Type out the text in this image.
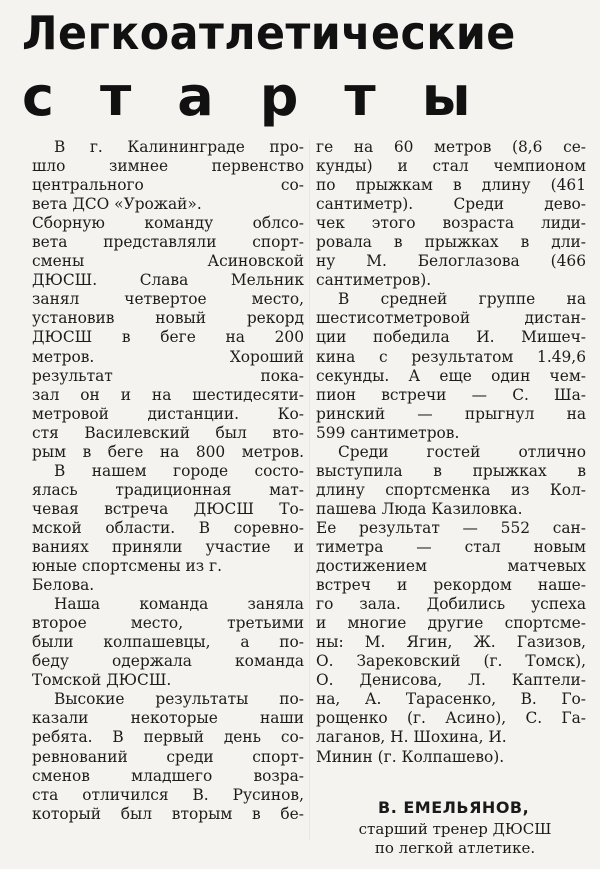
Легкоатлетические
старты
В г. Калининграде про-
шло зимнее первенство
центрального со-
вета ДСО «Урожай».
Сборную команду облсо-
вета представляли спорт-
смены Асиновской
ДЮСШ. Слава Мельник
занял четвертое место,
установив новый рекорд
ДЮСШ в беге на 200
метров. Хороший
результат пока-
зал он и на шестидесяти-
метровой дистанции. Ко-
стя Василевский был вто-
рым в беге на 800 метров.
В нашем городе состо-
ялась традиционная мат-
чевая встреча ДЮСШ То-
мской области. В соревно-
ваниях приняли участие и
юные спортсмены из г.
Белова.
Наша команда заняла
второе место, третьими
были колпашевцы, а по-
беду одержала команда
Томской ДЮСШ.
Высокие результаты по-
казали некоторые наши
ребята. В первый день со-
ревнований среди спорт-
сменов младшего возра-
ста отличился В. Русинов,
который был вторым в бе-
ге на 60 метров (8,6 се-
кунды) и стал чемпионом
по прыжкам в длину (461
сантиметр). Среди девo-
чек этого возраста лиди-
ровала в прыжках в дли-
ну М. Белоглазова (466
сантиметров).
В средней группе на
шестисотметровой дистан-
ции победила И. Мишеч-
кина с результатом 1.49,6
секунды. А еще один чем-
пион встречи — С. Ша-
ринский — прыгнул на
599 сантиметров.
Среди гостей отлично
выступила в прыжках в
длину спортсменка из Кол-
пашева Люда Казиловка.
Ее результат — 552 сан-
тиметра — стал новым
достижением матчевых
встреч и рекордом наше-
го зала. Добились успеха
и многие другие спортсме-
ны: М. Ягин, Ж. Газизов,
О. Зарековский (г. Томск),
О. Денисова, Л. Каптели-
на, А. Тарасенко, В. Го-
рощенко (г. Асино), С. Га-
лаганов, Н. Шохина, И.
Минин (г. Колпашево).
В. ЕМЕЛЬЯНОВ,
старший тренер ДЮСШ
по легкой атлетике.
